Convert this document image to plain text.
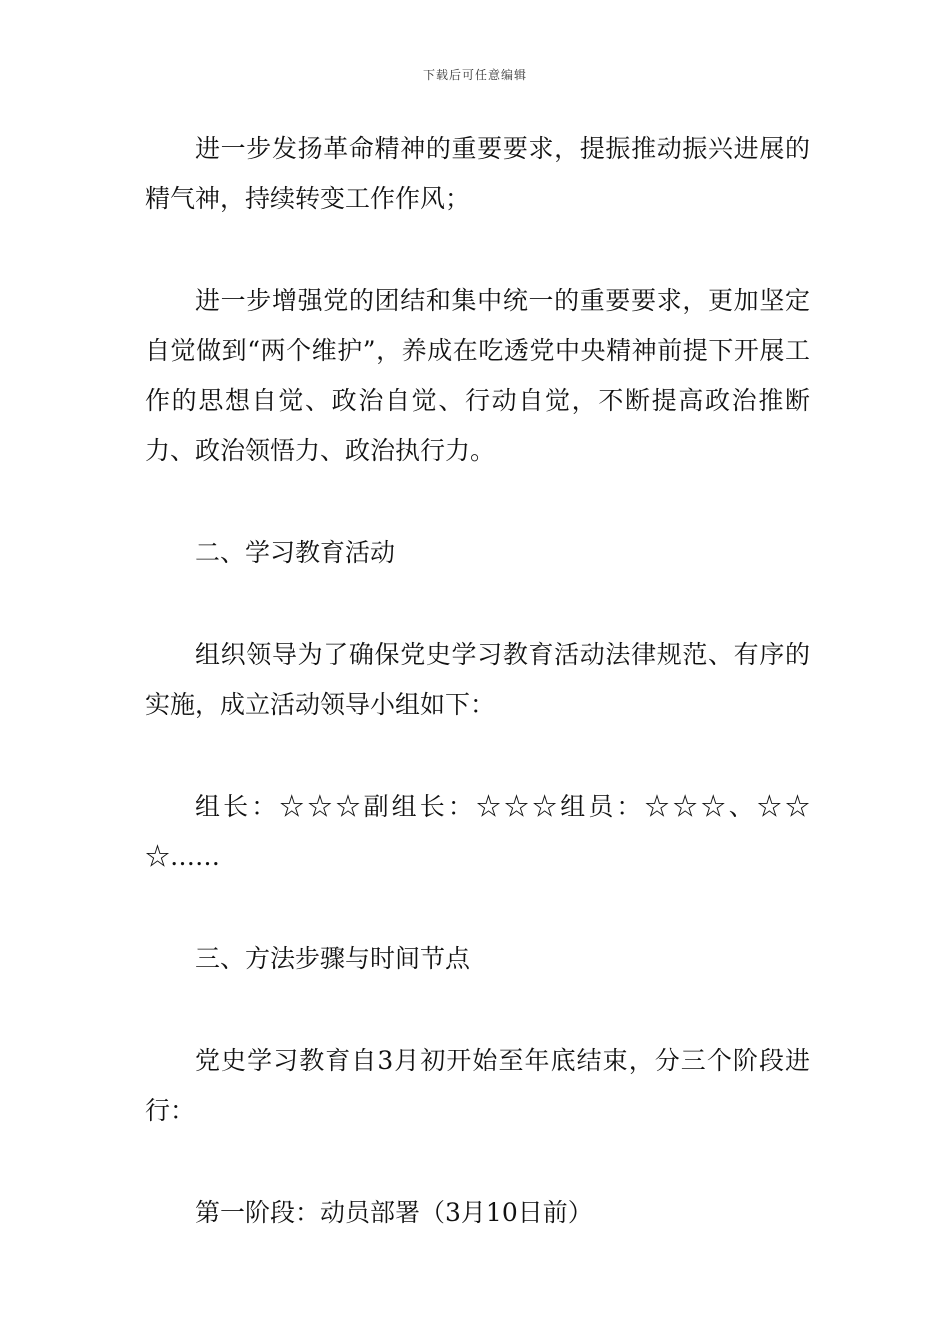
下载后可任意编辑

进一步发扬革命精神的重要要求，提振推动振兴进展的精气神，持续转变工作作风；

进一步增强党的团结和集中统一的重要要求，更加坚定自觉做到“两个维护”，养成在吃透党中央精神前提下开展工作的思想自觉、政治自觉、行动自觉，不断提高政治推断力、政治领悟力、政治执行力。

二、学习教育活动

组织领导为了确保党史学习教育活动法律规范、有序的实施，成立活动领导小组如下：

组长：☆☆☆副组长：☆☆☆组员：☆☆☆、☆☆☆……

三、方法步骤与时间节点

党史学习教育自3月初开始至年底结束，分三个阶段进行：

第一阶段：动员部署（3月10日前）
